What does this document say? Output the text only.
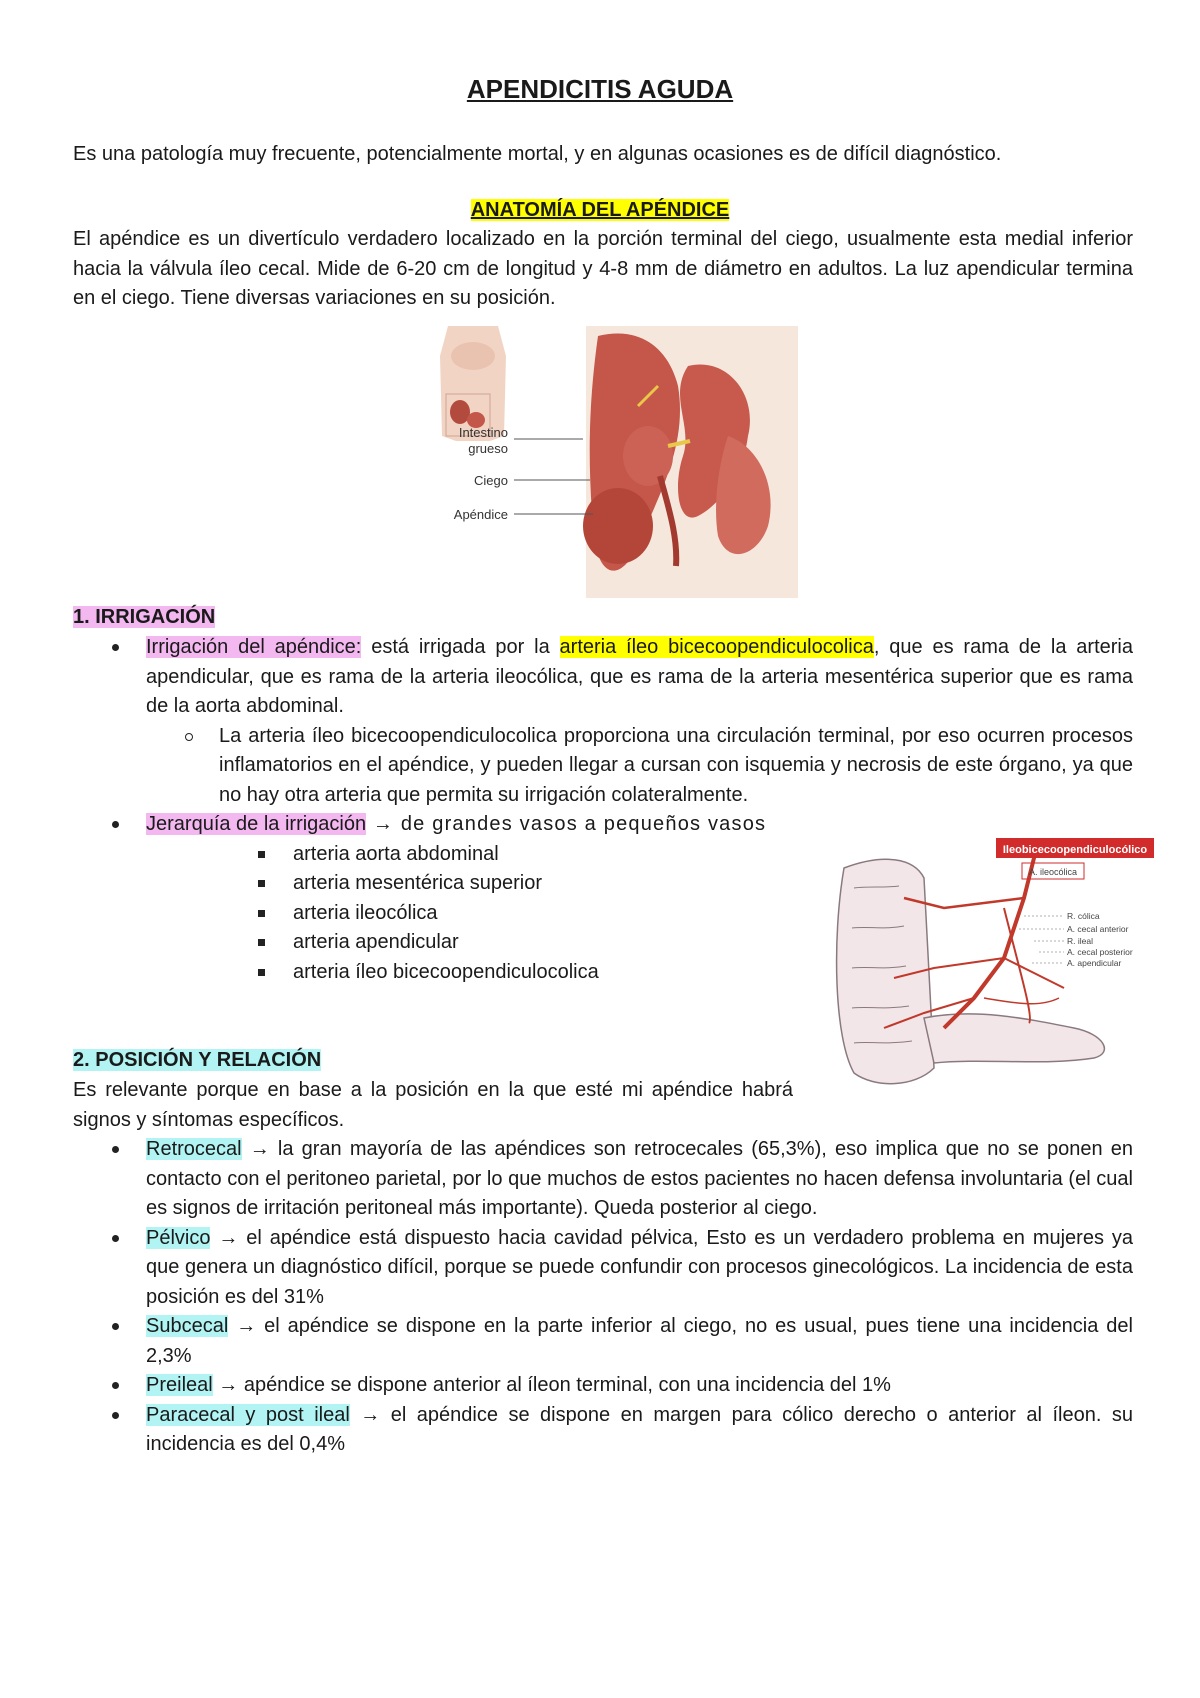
APENDICITIS AGUDA

Es una patología muy frecuente, potencialmente mortal, y en algunas ocasiones es de difícil diagnóstico.

ANATOMÍA DEL APÉNDICE

El apéndice es un divertículo verdadero localizado en la porción terminal del ciego, usualmente esta medial inferior hacia la válvula íleo cecal. Mide de 6-20 cm de longitud y 4-8 mm de diámetro en adultos. La luz apendicular termina en el ciego. Tiene diversas variaciones en su posición.

Intestino
grueso
Ciego
Apéndice
1. IRRIGACIÓN
Irrigación del apéndice: está irrigada por la arteria íleo bicecoopendiculocolica, que es rama de la arteria apendicular, que es rama de la arteria ileocólica, que es rama de la arteria mesentérica superior que es rama de la aorta abdominal.
La arteria íleo bicecoopendiculocolica proporciona una circulación terminal, por eso ocurren procesos inflamatorios en el apéndice, y pueden llegar a cursan con isquemia y necrosis de este órgano, ya que no hay otra arteria que permita su irrigación colateralmente.
Jerarquía de la irrigación → de grandes vasos a pequeños vasos
arteria aorta abdominal
arteria mesentérica superior
arteria ileocólica
arteria apendicular
arteria íleo bicecoopendiculocolica
Ileobicecoopendiculocólico
A. ileocólica
R. cólica
A. cecal anterior
R. ileal
A. cecal posterior
A. apendicular
2. POSICIÓN Y RELACIÓN

Es relevante porque en base a la posición en la que esté mi apéndice habrá signos y síntomas específicos.

Retrocecal → la gran mayoría de las apéndices son retrocecales (65,3%), eso implica que no se ponen en contacto con el peritoneo parietal, por lo que muchos de estos pacientes no hacen defensa involuntaria (el cual es signos de irritación peritoneal más importante). Queda posterior al ciego.
Pélvico → el apéndice está dispuesto hacia cavidad pélvica, Esto es un verdadero problema en mujeres ya que genera un diagnóstico difícil, porque se puede confundir con procesos ginecológicos. La incidencia de esta posición es del 31%
Subcecal → el apéndice se dispone en la parte inferior al ciego, no es usual, pues tiene una incidencia del 2,3%
Preileal → apéndice se dispone anterior al íleon terminal, con una incidencia del 1%
Paracecal y post ileal → el apéndice se dispone en margen para cólico derecho o anterior al íleon. su incidencia es del 0,4%
